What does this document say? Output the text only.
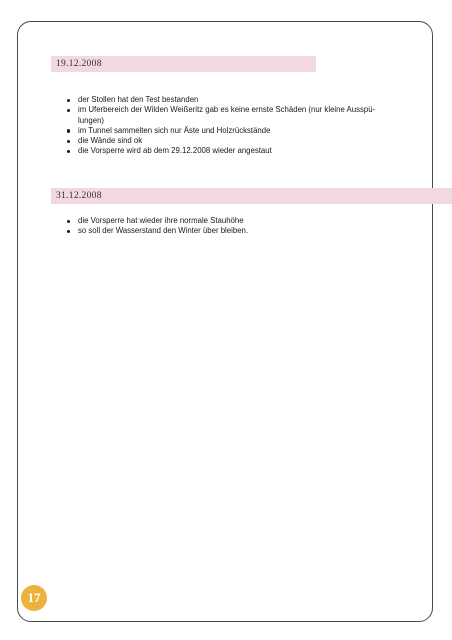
19.12.2008
der Stollen hat den Test bestanden
im Uferbereich der Wilden Weißeritz gab es keine ernste Schäden (nur kleine Ausspü-
lungen)
im Tunnel sammelten sich nur Äste und Holzrückstände
die Wände sind ok
die Vorsperre wird ab dem 29.12.2008 wieder angestaut
31.12.2008
die Vorsperre hat wieder ihre normale Stauhöhe
so soll der Wasserstand den Winter über bleiben.
17
